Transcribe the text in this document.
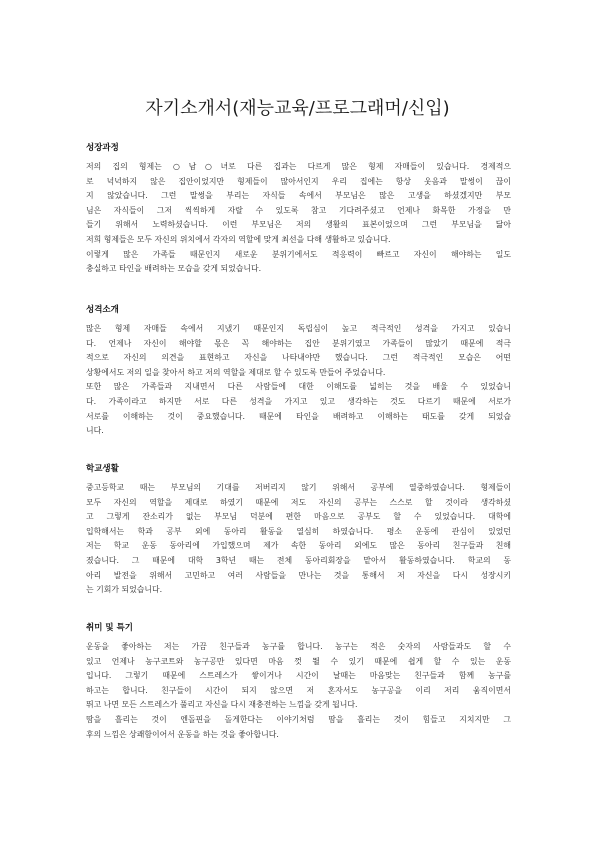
자기소개서(재능교육/프로그래머/신입)
성장과정
저의 집의 형제는 ○남○녀로 다른 집과는 다르게 많은 형제 자매들이 있습니다. 경제적으
로 넉넉하지 않은 집안이었지만 형제들이 많아서인지 우리 집에는 항상 웃음과 말썽이 끊이
지 않았습니다. 그런 말썽을 부리는 자식들 속에서 부모님은 많은 고생을 하셨겠지만 부모
님은 자식들이 그저 씩씩하게 자랄 수 있도록 참고 기다려주셨고 언제나 화목한 가정을 만
들기 위해서 노력하셨습니다. 이런 부모님은 저의 생활의 표본이었으며 그런 부모님을 닮아
저희 형제들은 모두 자신의 위치에서 각자의 역할에 맞게 최선을 다해 생활하고 있습니다.
이렇게 많은 가족들 때문인지 새로운 분위기에서도 적응력이 빠르고 자신이 해야하는 일도
충실하고 타인을 배려하는 모습을 갖게 되었습니다.
성격소개
많은 형제 자매들 속에서 지냈기 때문인지 독립심이 높고 적극적인 성격을 가지고 있습니
다. 언제나 자신이 해야할 몫은 꼭 해야하는 집안 분위기였고 가족들이 많았기 때문에 적극
적으로 자신의 의견을 표현하고 자신을 나타내야만 했습니다. 그런 적극적인 모습은 어떤
상황에서도 저의 일을 찾아서 하고 저의 역할을 제대로 할 수 있도록 만들어 주었습니다.
또한 많은 가족들과 지내면서 다른 사람들에 대한 이해도를 넓히는 것을 배울 수 있었습니
다. 가족이라고 하지만 서로 다른 성격을 가지고 있고 생각하는 것도 다르기 때문에 서로가
서로를 이해하는 것이 중요했습니다. 때문에 타인을 배려하고 이해하는 태도를 갖게 되었습
니다.
학교생활
중고등학교 때는 부모님의 기대를 저버리지 않기 위해서 공부에 열중하였습니다. 형제들이
모두 자신의 역할을 제대로 하였기 때문에 저도 자신의 공부는 스스로 할 것이라 생각하셨
고 그렇게 잔소리가 없는 부모님 덕분에 편한 마음으로 공부도 할 수 있었습니다. 대학에
입학해서는 학과 공부 외에 동아리 활동을 열심히 하였습니다. 평소 운동에 관심이 있었던
저는 학교 운동 동아리에 가입했으며 제가 속한 동아리 외에도 많은 동아리 친구들과 친해
졌습니다. 그 때문에 대학 3학년 때는 전체 동아리회장을 맡아서 활동하였습니다. 학교의 동
아리 발전을 위해서 고민하고 여러 사람들을 만나는 것을 통해서 저 자신을 다시 성장시키
는 기회가 되었습니다.
취미 및 특기
운동을 좋아하는 저는 가끔 친구들과 농구를 합니다. 농구는 적은 숫자의 사람들과도 할 수
있고 언제나 농구코트와 농구공만 있다면 마음 껏 뛸 수 있기 때문에 쉽게 할 수 있는 운동
입니다. 그렇기 때문에 스트레스가 쌓이거나 시간이 날때는 마음맞는 친구들과 함께 농구를
하고는 합니다. 친구들이 시간이 되지 않으면 저 혼자서도 농구공을 이리 저리 움직이면서
뛰고 나면 모든 스트레스가 풀리고 자신을 다시 재충전하는 느낌을 갖게 됩니다.
땀을 흘리는 것이 엔돌핀을 돌게한다는 이야기처럼 땀을 흘리는 것이 힘들고 지치지만 그
후의 느낌은 상쾌함이어서 운동을 하는 것을 좋아합니다.
